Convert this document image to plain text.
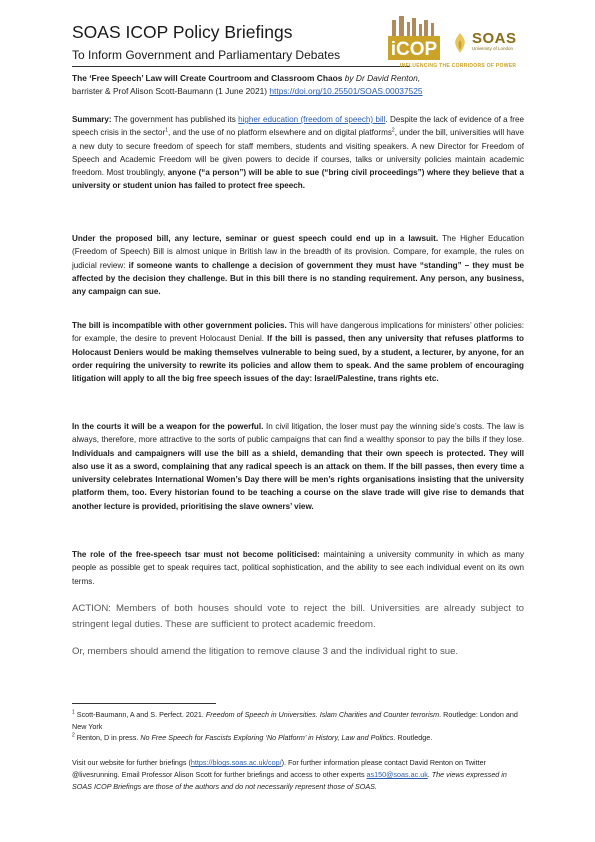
SOAS ICOP Policy Briefings
To Inform Government and Parliamentary Debates	iCOP
SOAS
University of London
INFLUENCING THE CORRIDORS OF POWER

The ‘Free Speech’ Law will Create Courtroom and Classroom Chaos by Dr David Renton,
barrister & Prof Alison Scott-Baumann (1 June 2021) https://doi.org/10.25501/SOAS.00037525

Summary: The government has published its higher education (freedom of speech) bill. Despite the lack of evidence of a free speech crisis in the sector$^1$, and the use of no platform elsewhere and on digital platforms$^2$, under the bill, universities will have a new duty to secure freedom of speech for staff members, students and visiting speakers. A new Director for Freedom of Speech and Academic Freedom will be given powers to decide if courses, talks or university policies maintain academic freedom. Most troublingly, anyone (“a person”) will be able to sue (“bring civil proceedings”) where they believe that a university or student union has failed to protect free speech.

Under the proposed bill, any lecture, seminar or guest speech could end up in a lawsuit. The Higher Education (Freedom of Speech) Bill is almost unique in British law in the breadth of its provision. Compare, for example, the rules on judicial review: if someone wants to challenge a decision of government they must have “standing” – they must be affected by the decision they challenge. But in this bill there is no standing requirement. Any person, any business, any campaign can sue.

The bill is incompatible with other government policies. This will have dangerous implications for ministers’ other policies: for example, the desire to prevent Holocaust Denial. If the bill is passed, then any university that refuses platforms to Holocaust Deniers would be making themselves vulnerable to being sued, by a student, a lecturer, by anyone, for an order requiring the university to rewrite its policies and allow them to speak. And the same problem of encouraging litigation will apply to all the big free speech issues of the day: Israel/Palestine, trans rights etc.

In the courts it will be a weapon for the powerful. In civil litigation, the loser must pay the winning side’s costs. The law is always, therefore, more attractive to the sorts of public campaigns that can find a wealthy sponsor to pay the bills if they lose. Individuals and campaigners will use the bill as a shield, demanding that their own speech is protected. They will also use it as a sword, complaining that any radical speech is an attack on them. If the bill passes, then every time a university celebrates International Women’s Day there will be men’s rights organisations insisting that the university platform them, too. Every historian found to be teaching a course on the slave trade will give rise to demands that another lecture is provided, prioritising the slave owners’ view.

The role of the free-speech tsar must not become politicised: maintaining a university community in which as many people as possible get to speak requires tact, political sophistication, and the ability to see each individual event on its own terms.

ACTION: Members of both houses should vote to reject the bill. Universities are already subject to stringent legal duties. These are sufficient to protect academic freedom.
Or, members should amend the litigation to remove clause 3 and the individual right to sue.

$^1$ Scott-Baumann, A and S. Perfect. 2021. Freedom of Speech in Universities. Islam Charities and Counter terrorism. Routledge: London and New York

$^2$ Renton, D in press. No Free Speech for Fascists Exploring ‘No Platform’ in History, Law and Politics. Routledge.

Visit our website for further briefings (https://blogs.soas.ac.uk/cop/). For further information please contact David Renton on Twitter @livesrunning. Email Professor Alison Scott for further briefings and access to other experts as150@soas.ac.uk. The views expressed in SOAS ICOP Briefings are those of the authors and do not necessarily represent those of SOAS.
